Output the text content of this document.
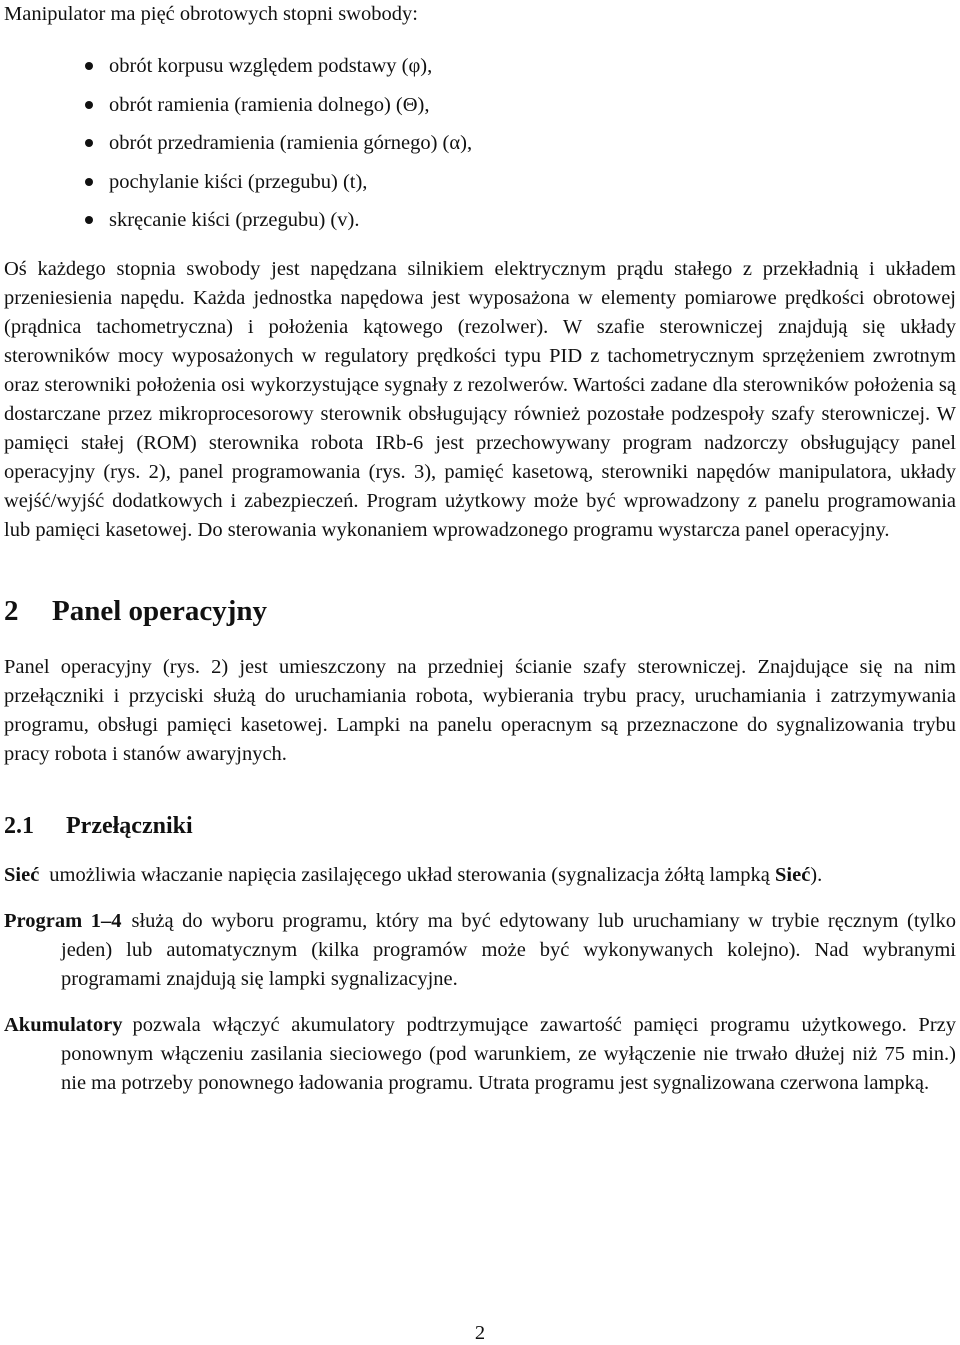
Manipulator ma pięć obrotowych stopni swobody:

obrót korpusu względem podstawy (φ),
obrót ramienia (ramienia dolnego) (Θ),
obrót przedramienia (ramienia górnego) (α),
pochylanie kiści (przegubu) (t),
skręcanie kiści (przegubu) (v).

Oś każdego stopnia swobody jest napędzana silnikiem elektrycznym prądu stałego z przekładnią i układem przeniesienia napędu. Każda jednostka napędowa jest wyposażona w elementy pomiarowe prędkości obrotowej (prądnica tachometryczna) i położenia kątowego (rezolwer). W szafie sterowniczej znajdują się układy sterowników mocy wyposażonych w regulatory prędkości typu PID z tachometrycznym sprzężeniem zwrotnym oraz sterowniki położenia osi wykorzystujące sygnały z rezolwerów. Wartości zadane dla sterowników położenia są dostarczane przez mikroprocesorowy sterownik obsługujący również pozostałe podzespoły szafy sterowniczej. W pamięci stałej (ROM) sterownika robota IRb-6 jest przechowywany program nadzorczy obsługujący panel operacyjny (rys. 2), panel programowania (rys. 3), pamięć kasetową, sterowniki napędów manipulatora, układy wejść/wyjść dodatkowych i zabezpieczeń. Program użytkowy może być wprowadzony z panelu programowania lub pamięci kasetowej. Do sterowania wykonaniem wprowadzonego programu wystarcza panel operacyjny.

2 Panel operacyjny

Panel operacyjny (rys. 2) jest umieszczony na przedniej ścianie szafy sterowniczej. Znajdujące się na nim przełączniki i przyciski służą do uruchamiania robota, wybierania trybu pracy, uruchamiania i zatrzymywania programu, obsługi pamięci kasetowej. Lampki na panelu operacnym są przeznaczone do sygnalizowania trybu pracy robota i stanów awaryjnych.

2.1 Przełączniki
Sieć umożliwia właczanie napięcia zasilajęcego układ sterowania (sygnalizacja żółtą lampką Sieć).
Program 1–4 służą do wyboru programu, który ma być edytowany lub uruchamiany w trybie ręcznym (tylko jeden) lub automatycznym (kilka programów może być wykonywanych kolejno). Nad wybranymi programami znajdują się lampki sygnalizacyjne.
Akumulatory pozwala włączyć akumulatory podtrzymujące zawartość pamięci programu użytkowego. Przy ponownym włączeniu zasilania sieciowego (pod warunkiem, ze wyłączenie nie trwało dłużej niż 75 min.) nie ma potrzeby ponownego ładowania programu. Utrata programu jest sygnalizowana czerwona lampką.
2
